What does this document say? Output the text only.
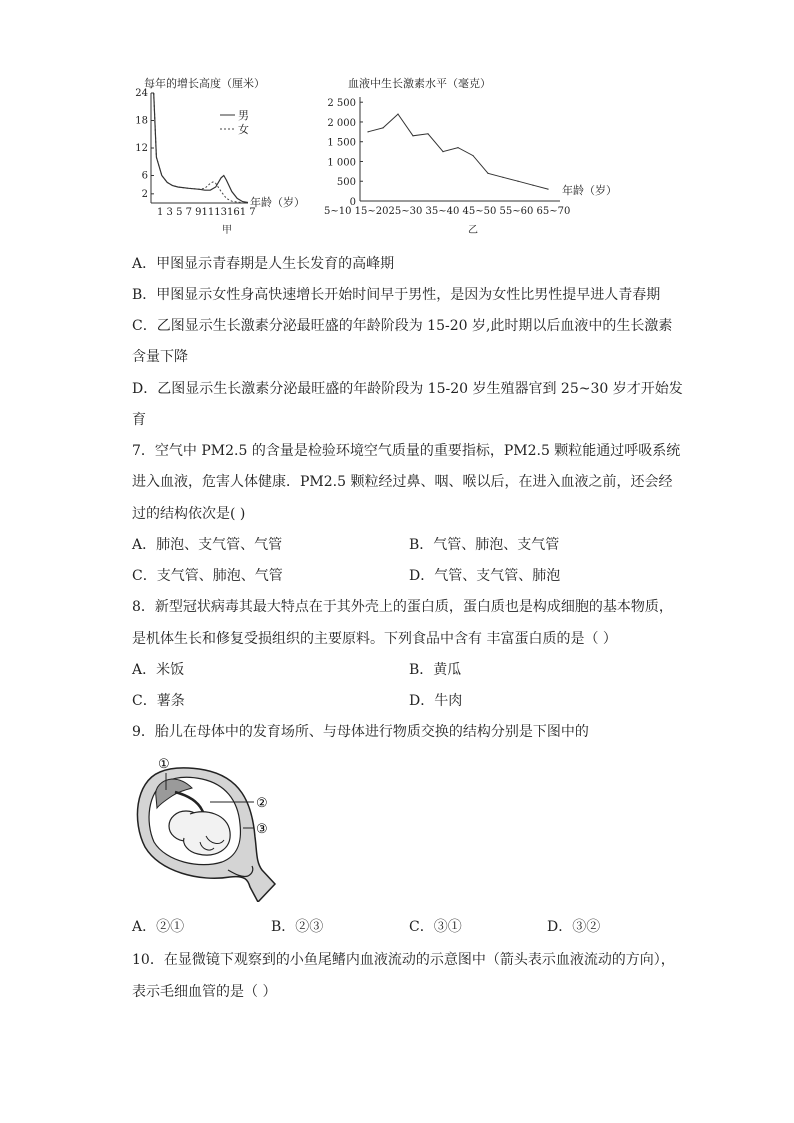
每年的增长高度（厘米）
24
18
12
6
2
男
女
年龄（岁）
1 3 5 7 91113161 7
甲
血液中生长激素水平（毫克）
2 500
2 000
1 500
1 000
500
0
年龄（岁）
5~10 15~2025~30 35~40 45~50 55~60 65~70
乙
A．甲图显示青春期是人生长发育的高峰期
B．甲图显示女性身高快速增长开始时间早于男性，是因为女性比男性提早进人青春期
C．乙图显示生长激素分泌最旺盛的年龄阶段为 15-20 岁,此时期以后血液中的生长激素
含量下降
D．乙图显示生长激素分泌最旺盛的年龄阶段为 15-20 岁生殖器官到 25~30 岁才开始发
育
7．空气中 PM2.5 的含量是检验环境空气质量的重要指标，PM2.5 颗粒能通过呼吸系统
进入血液，危害人体健康．PM2.5 颗粒经过鼻、咽、喉以后，在进入血液之前，还会经
过的结构依次是( )
A．肺泡、支气管、气管	B．气管、肺泡、支气管
C．支气管、肺泡、气管	D．气管、支气管、肺泡
8．新型冠状病毒其最大特点在于其外壳上的蛋白质，蛋白质也是构成细胞的基本物质，
是机体生长和修复受损组织的主要原料。下列食品中含有 丰富蛋白质的是（ ）
A．米饭	B．黄瓜
C．薯条	D．牛肉
9．胎儿在母体中的发育场所、与母体进行物质交换的结构分别是下图中的
①
②
③
A．②①	B．②③	C．③①	D．③②
10．在显微镜下观察到的小鱼尾鳍内血液流动的示意图中（箭头表示血液流动的方向），
表示毛细血管的是（ ）
